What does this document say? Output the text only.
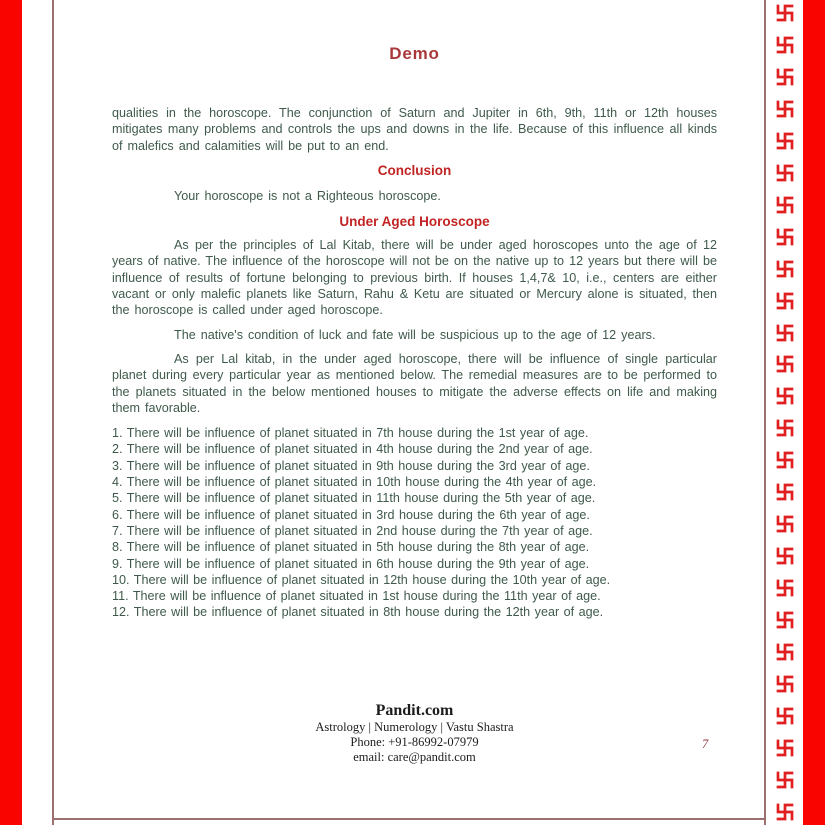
Demo

qualities in the horoscope. The conjunction of Saturn and Jupiter in 6th, 9th, 11th or 12th houses mitigates many problems and controls the ups and downs in the life. Because of this influence all kinds of malefics and calamities will be put to an end.

Conclusion

Your horoscope is not a Righteous horoscope.

Under Aged Horoscope

As per the principles of Lal Kitab, there will be under aged horoscopes unto the age of 12 years of native. The influence of the horoscope will not be on the native up to 12 years but there will be influence of results of fortune belonging to previous birth. If houses 1,4,7& 10, i.e., centers are either vacant or only malefic planets like Saturn, Rahu & Ketu are situated or Mercury alone is situated, then the horoscope is called under aged horoscope.

The native's condition of luck and fate will be suspicious up to the age of 12 years.

As per Lal kitab, in the under aged horoscope, there will be influence of single particular planet during every particular year as mentioned below. The remedial measures are to be performed to the planets situated in the below mentioned houses to mitigate the adverse effects on life and making them favorable.

1. There will be influence of planet situated in 7th house during the 1st year of age.
2. There will be influence of planet situated in 4th house during the 2nd year of age.
3. There will be influence of planet situated in 9th house during the 3rd year of age.
4. There will be influence of planet situated in 10th house during the 4th year of age.
5. There will be influence of planet situated in 11th house during the 5th year of age.
6. There will be influence of planet situated in 3rd house during the 6th year of age.
7. There will be influence of planet situated in 2nd house during the 7th year of age.
8. There will be influence of planet situated in 5th house during the 8th year of age.
9. There will be influence of planet situated in 6th house during the 9th year of age.
10. There will be influence of planet situated in 12th house during the 10th year of age.
11. There will be influence of planet situated in 1st house during the 11th year of age.
12. There will be influence of planet situated in 8th house during the 12th year of age.
Pandit.com
Astrology | Numerology | Vastu Shastra
Phone: +91-86992-07979
email: care@pandit.com
7
